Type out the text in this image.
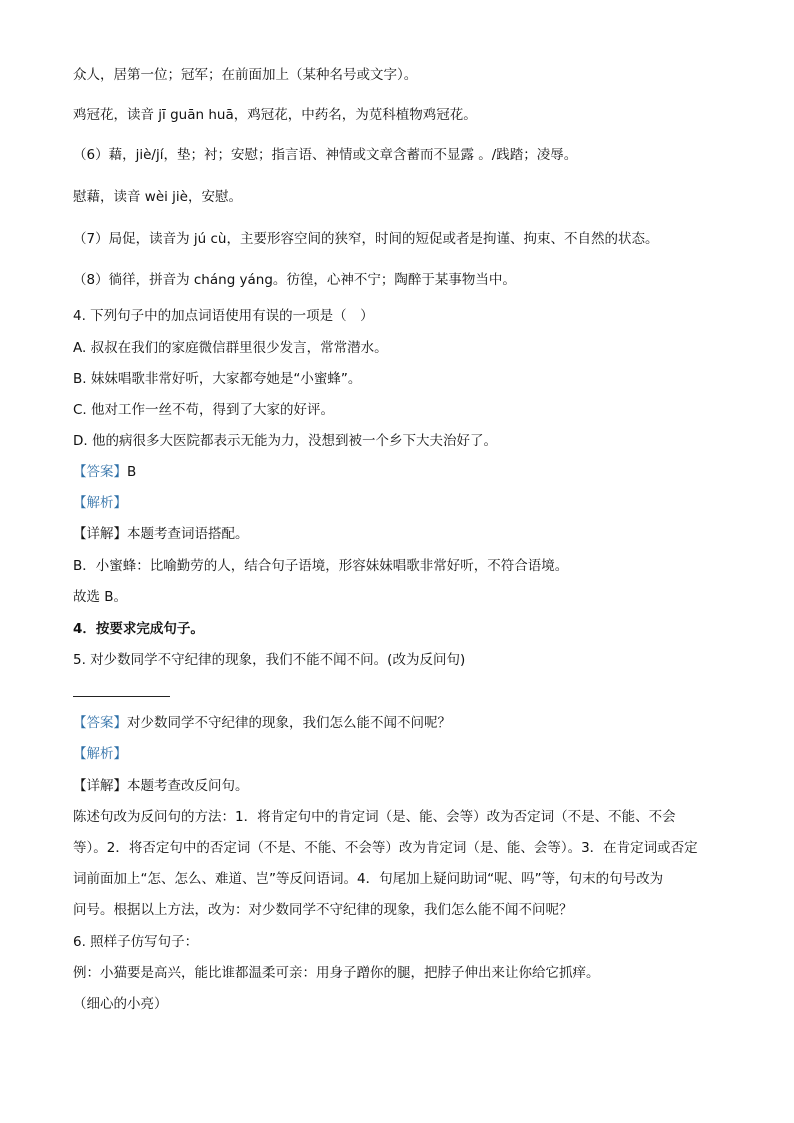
众人，居第一位；冠军；在前面加上（某种名号或文字）。
鸡冠花，读音 jī guān huā，鸡冠花，中药名，为苋科植物鸡冠花。
（6）藉，jiè/jí，垫；衬；安慰；指言语、神情或文章含蓄而不显露 。/践踏；凌辱。
慰藉，读音 wèi jiè，安慰。
（7）局促，读音为 jú cù，主要形容空间的狭窄，时间的短促或者是拘谨、拘束、不自然的状态。
（8）徜徉，拼音为 cháng yáng。彷徨，心神不宁；陶醉于某事物当中。
4. 下列句子中的加点词语使用有误的一项是（　）
A. 叔叔在我们的家庭微信群里很少发言，常常潜水。
B. 妹妹唱歌非常好听，大家都夸她是“小蜜蜂”。
C. 他对工作一丝不苟，得到了大家的好评。
D. 他的病很多大医院都表示无能为力，没想到被一个乡下大夫治好了。
【答案】B
【解析】
【详解】本题考查词语搭配。
B．小蜜蜂：比喻勤劳的人，结合句子语境，形容妹妹唱歌非常好听，不符合语境。
故选 B。
4．按要求完成句子。
5. 对少数同学不守纪律的现象，我们不能不闻不问。(改为反问句)
【答案】对少数同学不守纪律的现象，我们怎么能不闻不问呢？
【解析】
【详解】本题考查改反问句。
陈述句改为反问句的方法：1．将肯定句中的肯定词（是、能、会等）改为否定词（不是、不能、不会
等）。2．将否定句中的否定词（不是、不能、不会等）改为肯定词（是、能、会等）。3．在肯定词或否定
词前面加上“怎、怎么、难道、岂”等反问语词。4．句尾加上疑问助词“呢、吗”等，句末的句号改为
问号。根据以上方法，改为：对少数同学不守纪律的现象，我们怎么能不闻不问呢？
6. 照样子仿写句子：
例：小猫要是高兴，能比谁都温柔可亲：用身子蹭你的腿，把脖子伸出来让你给它抓痒。
（细心的小亮）
